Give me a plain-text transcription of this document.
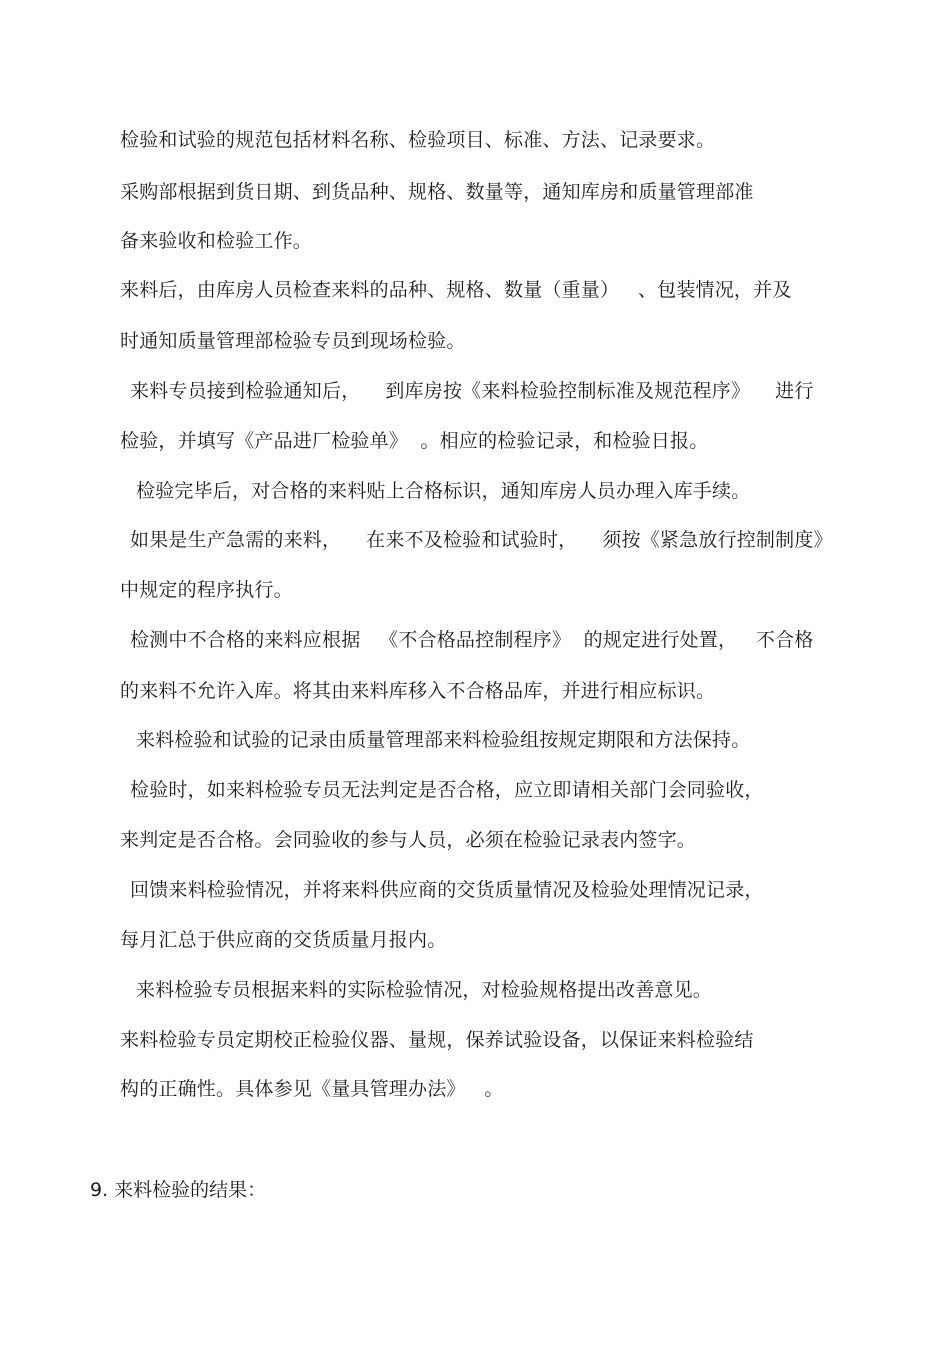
检验和试验的规范包括材料名称、检验项目、标准、方法、记录要求。
采购部根据到货日期、到货品种、规格、数量等，通知库房和质量管理部准
备来验收和检验工作。
来料后，由库房人员检查来料的品种、规格、数量（重量）   、包装情况，并及
时通知质量管理部检验专员到现场检验。
来料专员接到检验通知后，    到库房按《来料检验控制标准及规范程序》    进行
检验，并填写《产品进厂检验单》  。相应的检验记录，和检验日报。
检验完毕后，对合格的来料贴上合格标识，通知库房人员办理入库手续。
如果是生产急需的来料，    在来不及检验和试验时，    须按《紧急放行控制制度》
中规定的程序执行。
检测中不合格的来料应根据   《不合格品控制程序》  的规定进行处置，   不合格
的来料不允许入库。将其由来料库移入不合格品库，并进行相应标识。
来料检验和试验的记录由质量管理部来料检验组按规定期限和方法保持。
检验时，如来料检验专员无法判定是否合格，应立即请相关部门会同验收，
来判定是否合格。会同验收的参与人员，必须在检验记录表内签字。
回馈来料检验情况，并将来料供应商的交货质量情况及检验处理情况记录，
每月汇总于供应商的交货质量月报内。
来料检验专员根据来料的实际检验情况，对检验规格提出改善意见。
来料检验专员定期校正检验仪器、量规，保养试验设备，以保证来料检验结
构的正确性。具体参见《量具管理办法》   。
9. 来料检验的结果：
